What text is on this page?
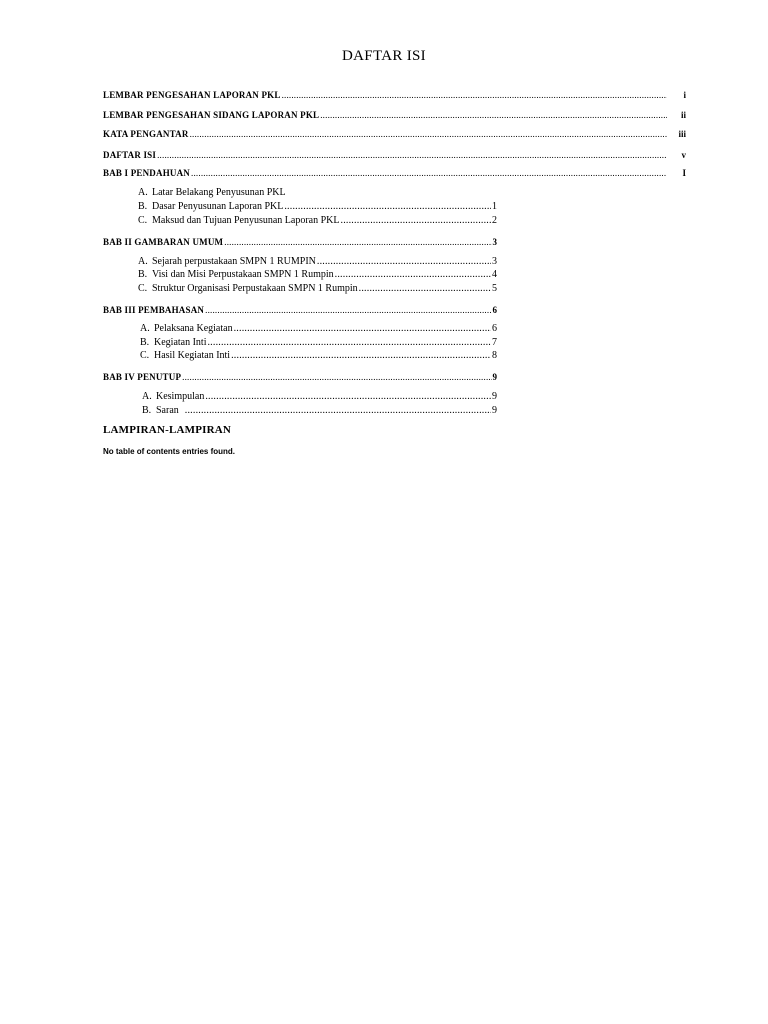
DAFTAR ISI
LEMBAR PENGESAHAN LAPORAN PKL .....	i
LEMBAR PENGESAHAN SIDANG LAPORAN PKL .....	ii
KATA PENGANTAR .....	iii
DAFTAR ISI .....	v
BAB I PENDAHUAN .....	I
A. Latar Belakang Penyusunan PKL
B. Dasar Penyusunan Laporan PKL .....	1
C. Maksud dan Tujuan Penyusunan Laporan PKL .....	2
BAB II GAMBARAN UMUM .....	3
A. Sejarah perpustakaan SMPN 1 RUMPIN .....	3
B. Visi dan Misi Perpustakaan SMPN 1 Rumpin .....	4
C. Struktur Organisasi Perpustakaan SMPN 1 Rumpin .....	5
BAB III PEMBAHASAN .....	6
A. Pelaksana Kegiatan .....	6
B. Kegiatan Inti .....	7
C. Hasil Kegiatan Inti .....	8
BAB IV PENUTUP .....	9
A. Kesimpulan .....	9
B. Saran .....	9
LAMPIRAN-LAMPIRAN
No table of contents entries found.
